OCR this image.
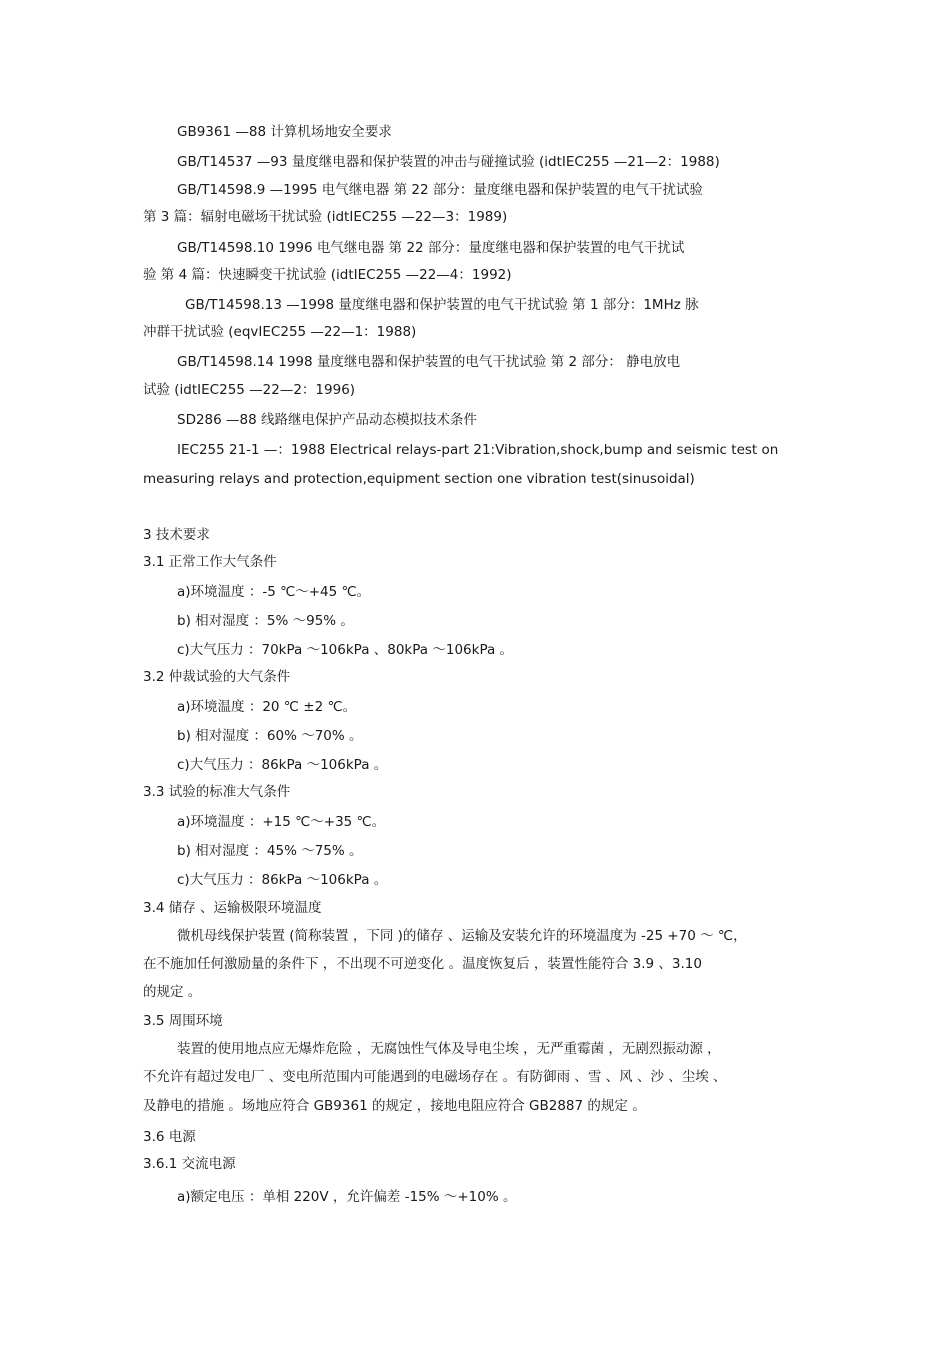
GB9361 —88 计算机场地安全要求
GB/T14537 —93 量度继电器和保护装置的冲击与碰撞试验 (idtIEC255 —21—2：1988)
GB/T14598.9 —1995 电气继电器 第 22 部分：量度继电器和保护装置的电气干扰试验
第 3 篇：辐射电磁场干扰试验 (idtIEC255 —22—3：1989)
GB/T14598.10 1996 电气继电器 第 22 部分：量度继电器和保护装置的电气干扰试
验 第 4 篇：快速瞬变干扰试验 (idtIEC255 —22—4：1992)
GB/T14598.13 —1998 量度继电器和保护装置的电气干扰试验 第 1 部分：1MHz 脉
冲群干扰试验 (eqvIEC255 —22—1：1988)
GB/T14598.14 1998 量度继电器和保护装置的电气干扰试验 第 2 部分： 静电放电
试验 (idtIEC255 —22—2：1996)
SD286 —88 线路继电保护产品动态模拟技术条件
IEC255 21-1 —：1988 Electrical relays-part 21:Vibration,shock,bump and seismic test on
measuring relays and protection,equipment section one vibration test(sinusoidal)
3 技术要求
3.1 正常工作大气条件
a)环境温度 ：-5 ℃～+45 ℃。
b) 相对湿度 ：5% ～95% 。
c)大气压力 ：70kPa ～106kPa 、80kPa ～106kPa 。
3.2 仲裁试验的大气条件
a)环境温度 ：20 ℃ ±2 ℃。
b) 相对湿度 ：60% ～70% 。
c)大气压力 ：86kPa ～106kPa 。
3.3 试验的标准大气条件
a)环境温度 ：+15 ℃～+35 ℃。
b) 相对湿度 ：45% ～75% 。
c)大气压力 ：86kPa ～106kPa 。
3.4 储存 、运输极限环境温度
微机母线保护装置 (简称装置 ，下同 )的储存 、运输及安装允许的环境温度为 -25 +70 ～ ℃，
在不施加任何激励量的条件下 ，不出现不可逆变化 。温度恢复后 ，装置性能符合 3.9 、3.10
的规定 。
3.5 周围环境
装置的使用地点应无爆炸危险 ，无腐蚀性气体及导电尘埃 ，无严重霉菌 ，无剧烈振动源 ，
不允许有超过发电厂 、变电所范围内可能遇到的电磁场存在 。有防御雨 、雪 、风 、沙 、尘埃 、
及静电的措施 。场地应符合 GB9361 的规定 ，接地电阻应符合 GB2887 的规定 。
3.6 电源
3.6.1 交流电源
a)额定电压 ：单相 220V ，允许偏差 -15% ～+10% 。
